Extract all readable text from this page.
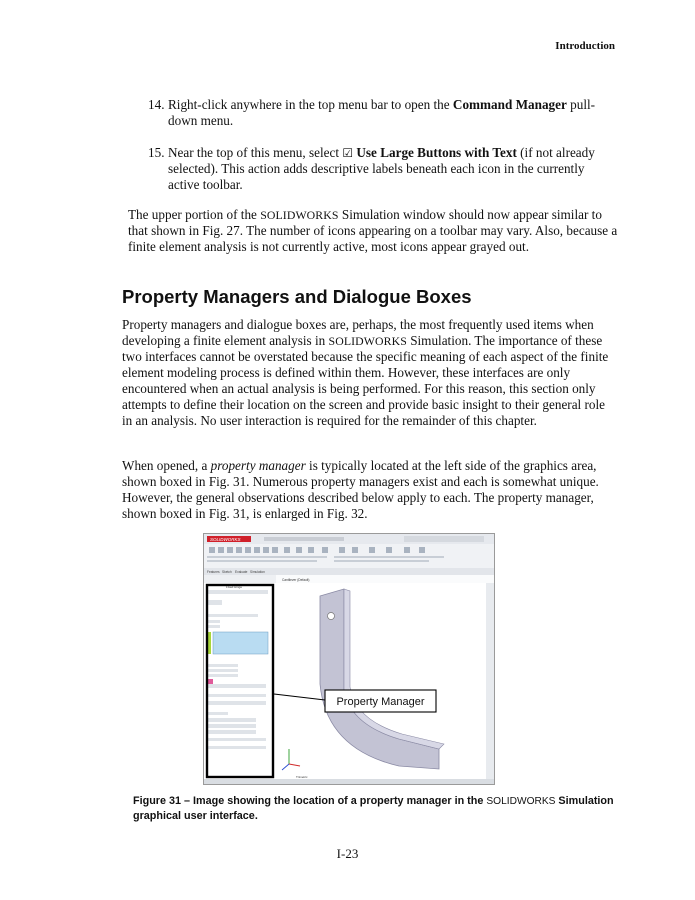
Introduction
14. Right-click anywhere in the top menu bar to open the Command Manager pull-down menu.
15. Near the top of this menu, select ☑ Use Large Buttons with Text (if not already selected). This action adds descriptive labels beneath each icon in the currently active toolbar.
The upper portion of the SOLIDWORKS Simulation window should now appear similar to that shown in Fig. 27. The number of icons appearing on a toolbar may vary. Also, because a finite element analysis is not currently active, most icons appear grayed out.
Property Managers and Dialogue Boxes
Property managers and dialogue boxes are, perhaps, the most frequently used items when developing a finite element analysis in SOLIDWORKS Simulation. The importance of these two interfaces cannot be overstated because the specific meaning of each aspect of the finite element modeling process is defined within them. However, these interfaces are only encountered when an actual analysis is being performed. For this reason, this section only attempts to define their location on the screen and provide basic insight to their general role in an analysis. No user interaction is required for the remainder of this chapter.
When opened, a property manager is typically located at the left side of the graphics area, shown boxed in Fig. 31. Numerous property managers exist and each is somewhat unique. However, the general observations described below apply to each. The property manager, shown boxed in Fig. 31, is enlarged in Fig. 32.
SOLIDWORKS
Features Sketch Evaluate Simulation
Cantilever (Default)
Fixed Hinge
Trimetric
Property Manager
Figure 31 – Image showing the location of a property manager in the SOLIDWORKS Simulation graphical user interface.
I-23
